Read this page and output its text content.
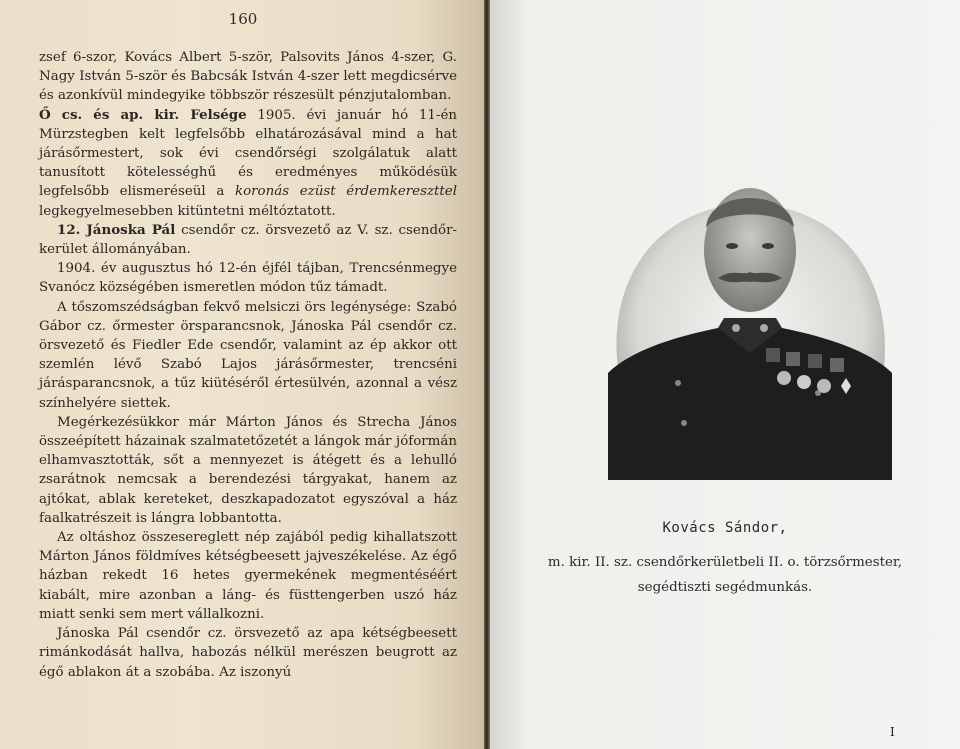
160

zsef 6-szor, Kovács Albert 5-ször, Palsovits János 4-szer, G. Nagy István 5-ször és Babcsák István 4-szer lett megdicsérve és azonkívül mindegyike többször részesült pénzjutalomban.

Ő cs. és ap. kir. Felsége 1905. évi január hó 11-én Mürzstegben kelt legfelsőbb elhatározásával mind a hat járásőrmestert, sok évi csendőrségi szolgálatuk alatt tanusított kötelességhű és eredményes működésük legfelsőbb elismeréseül a koronás ezüst érdemkereszttel legkegyelmesebben kitüntetni méltóztatott.

12. Jánoska Pál csendőr cz. örsvezető az V. sz. csendőr-kerület állományában.

1904. év augusztus hó 12-én éjfél tájban, Trencsénmegye Svanócz községében ismeretlen módon tűz támadt.

A tőszomszédságban fekvő melsiczi örs legénysége: Szabó Gábor cz. őrmester örsparancsnok, Jánoska Pál csendőr cz. örsvezető és Fiedler Ede csendőr, valamint az ép akkor ott szemlén lévő Szabó Lajos járásőrmester, trencséni járásparancsnok, a tűz kiütéséről értesülvén, azonnal a vész színhelyére siettek.

Megérkezésükkor már Márton János és Strecha János összeépített házainak szalmatetőzetét a lángok már jóformán elhamvasztották, sőt a mennyezet is átégett és a lehulló zsarátnok nemcsak a berendezési tárgyakat, hanem az ajtókat, ablak keretеket, deszkapadozatot egyszóval a ház faalkatrészeit is lángra lobbantotta.

Az oltáshoz összesereglett nép zajából pedig kihallatszott Márton János földmíves kétségbeesett jajveszékelése. Az égő házban rekedt 16 hetes gyermekének megmentéséért kiabált, mire azonban a láng- és füsttengerben uszó ház miatt senki sem mert vállalkozni.

Jánoska Pál csendőr cz. örsvezető az apa kétségbeesett rimánkodását hallva, habozás nélkül merészen beugrott az égő ablakon át a szobába. Az iszonyú

Kovács Sándor,
m. kir. II. sz. csendőrkerületbeli II. o. törzsőrmester,
segédtiszti segédmunkás.
I
